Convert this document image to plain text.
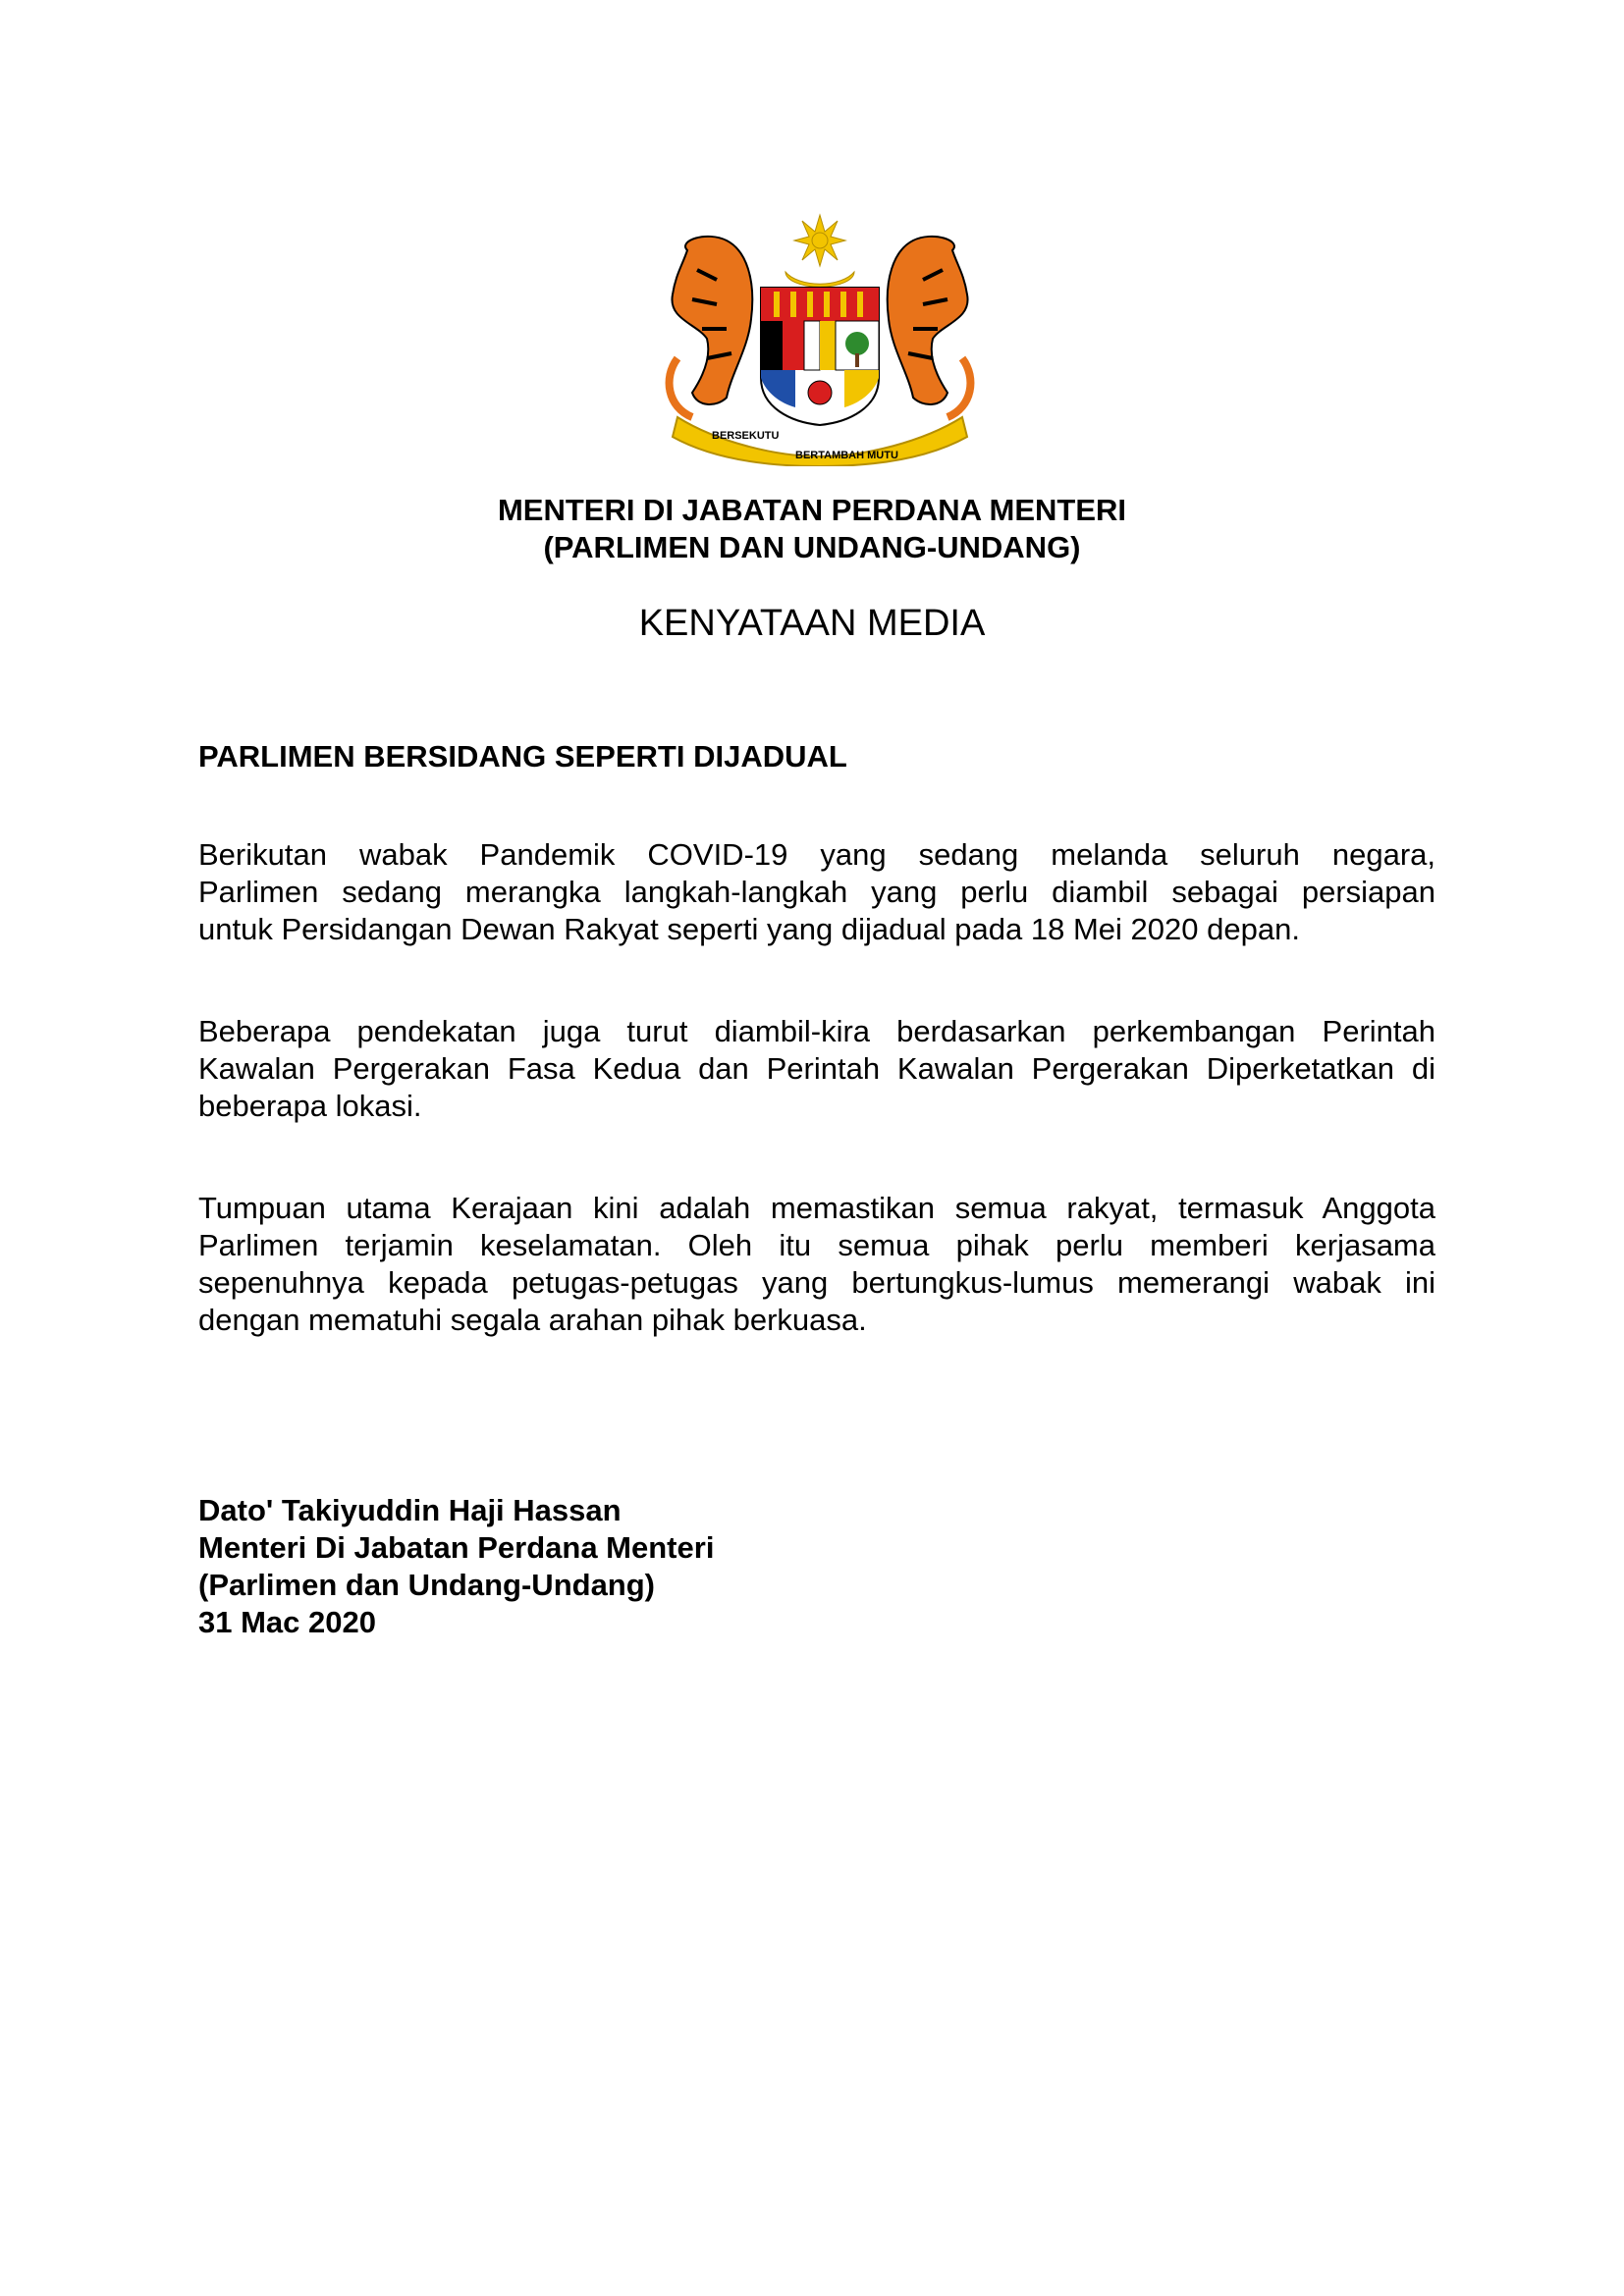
BERSEKUTU
BERTAMBAH MUTU
MENTERI DI JABATAN PERDANA MENTERI
(PARLIMEN DAN UNDANG-UNDANG)
KENYATAAN MEDIA
PARLIMEN BERSIDANG SEPERTI DIJADUAL
Berikutan wabak Pandemik COVID-19 yang sedang melanda seluruh negara,
Parlimen sedang merangka langkah-langkah yang perlu diambil sebagai persiapan
untuk Persidangan Dewan Rakyat seperti yang dijadual pada 18 Mei 2020 depan.
Beberapa pendekatan juga turut diambil-kira berdasarkan perkembangan Perintah
Kawalan Pergerakan Fasa Kedua dan Perintah Kawalan Pergerakan Diperketatkan di
beberapa lokasi.
Tumpuan utama Kerajaan kini adalah memastikan semua rakyat, termasuk Anggota
Parlimen terjamin keselamatan. Oleh itu semua pihak perlu memberi kerjasama
sepenuhnya kepada petugas-petugas yang bertungkus-lumus memerangi wabak ini
dengan mematuhi segala arahan pihak berkuasa.
Dato' Takiyuddin Haji Hassan
Menteri Di Jabatan Perdana Menteri
(Parlimen dan Undang-Undang)
31 Mac 2020
